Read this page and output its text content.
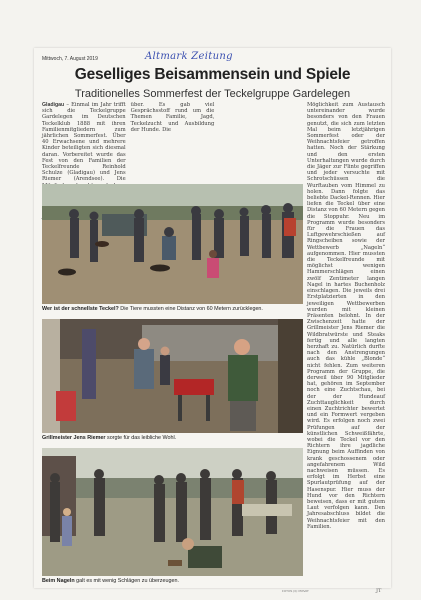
Mittwoch, 7. August 2019
Geselliges Beisammensein und Spiele
Traditionelles Sommerfest der Teckelgruppe Gardelegen
Gladigau – Einmal im Jahr trifft sich die Teckelgruppe Gardelegen im Deutschen Teckelklub 1888 mit ihren Familienmitgliedern zum jährlichen Sommerfest. Über 40 Erwachsene und mehrere Kinder beteiligten sich diesmal daran. Vorbereitet wurde das Fest von den Familien der Teckelfreunde Reinhold Schulze (Gladigau) und Jens Riemer (Arendsee). Die über. Es gab viel Gesprächsstoff rund um die Themen Familie, Jagd, Teckelzucht und Ausbildung der Hunde. Die

Möglichkeit zum Austausch untereinander wurde besonders von den Frauen genutzt, die sich zum letzten Mal beim letztjährigen Sommerfest oder der Weihnachtsfeier getroffen hatten. Noch der Stärkung und den ersten Unterhaltungen wurde durch die Jäger zur Flinte gegriffen und jeder versuchte mit Schrotschüssen die Wurftauben vom Himmel zu holen. Dann folgte das beliebte Dackel-Rennen. Hier liefen die Teckel über eine Distanz von 60 Metern gegen die Stoppuhr. Neu im Programm wurde besonders für die Frauen das Luftgewehrschießen auf Ringscheiben sowie der Wettbewerb „Nageln“ aufgenommen. Hier mussten die Teckelfreunde mit möglichst wenigen Hammerschlägen einen zwölf Zentimeter langen Nagel in hartes Buchenholz einschlagen. Die jeweils drei Erstplatzierten in den jeweiligen Wettbewerben wurden mit kleinen Präsenten belohnt. In der Zwischenzeit hatte der Grillmeister Jens Riemer die Wildbratwürste und Steaks fertig und alle langten herzhaft zu. Natürlich durfte nach den Anstrengungen auch das kühle „Blonde“ nicht fehlen. Zum weiteren Programm der Gruppe, die derweil über 90 Mitglieder hat, gehören im September noch eine Zuchtschau, bei der der Hundeauf Zuchttauglichkeit durch einen Zuchtrichter bewertet und ein Formwert vergeben wird. Es erfolgen noch zwei Prüfungen auf der künstlichen Schweißfährte, wobei die Teckel vor den Richtern ihre jagdliche Eignung beim Auffinden von krank geschossenem oder angefahrenem Wild nachweisen müssen. Es erfolgt im Herbst eine Spurlautprüfung auf der Hasenspur. Hier muss der Hund vor den Richtern beweisen, dass er mit gutem Laut verfolgen kann. Den Jahresabschluss bildet die Weihnachtsfeier mit den Familien.

Wer ist der schnellste Teckel? Die Tiere mussten eine Distanz von 60 Metern zurücklegen.
Grillmeister Jens Riemer sorgte für das leibliche Wohl.
Beim Nageln galt es mit wenig Schlägen zu überzeugen.
FOTOS (3): PRIVAT	JT
Altmark Zeitung
